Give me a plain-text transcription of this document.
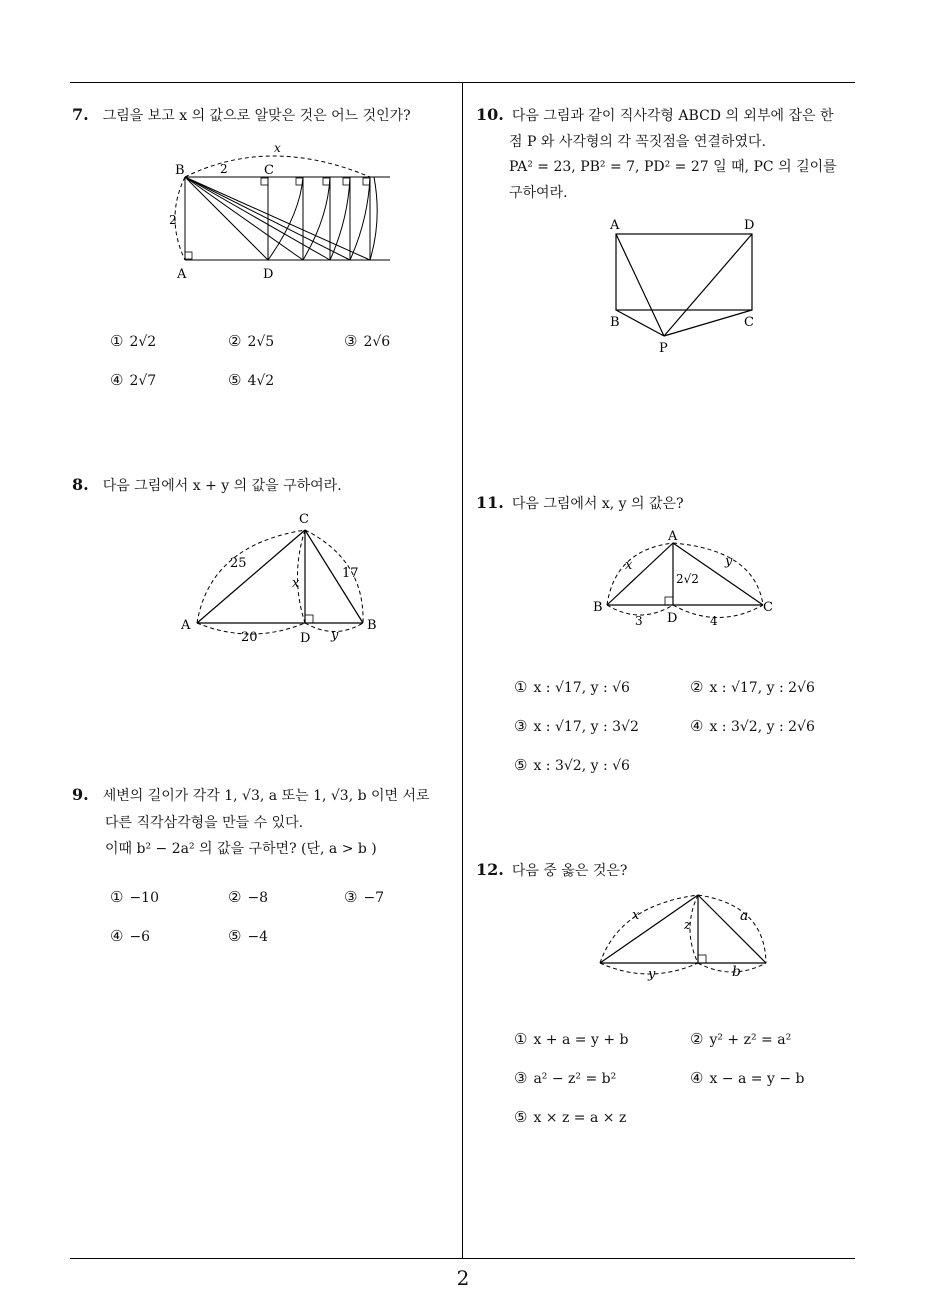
7. 그림을 보고 x 의 값으로 알맞은 것은 어느 것인가?
x
B	C
2
2
A	D
① 2√2	② 2√5	③ 2√6
④ 2√7	⑤ 4√2
8. 다음 그림에서 x + y 의 값을 구하여라.
C
25
17
x
A	B
20	D y
9. 세변의 길이가 각각 1, √3, a 또는 1, √3, b 이면 서로
다른 직각삼각형을 만들 수 있다.
이때 b² − 2a² 의 값을 구하면? (단, a > b )
① −10	② −8	③ −7
④ −6	⑤ −4
10. 다음 그림과 같이 직사각형 ABCD 의 외부에 잡은 한
점 P 와 사각형의 각 꼭짓점을 연결하였다.
PA² = 23, PB² = 7, PD² = 27 일 때, PC 의 길이를
구하여라.
A	D
B	C
P
11. 다음 그림에서 x, y 의 값은?
A
x	y
2√2
B	C
D
3	4
① x : √17, y : √6	② x : √17, y : 2√6
③ x : √17, y : 3√2	④ x : 3√2, y : 2√6
⑤ x : 3√2, y : √6
12. 다음 중 옳은 것은?
x
z
a
y	b
① x + a = y + b	② y² + z² = a²
③ a² − z² = b²	④ x − a = y − b
⑤ x × z = a × z
2
